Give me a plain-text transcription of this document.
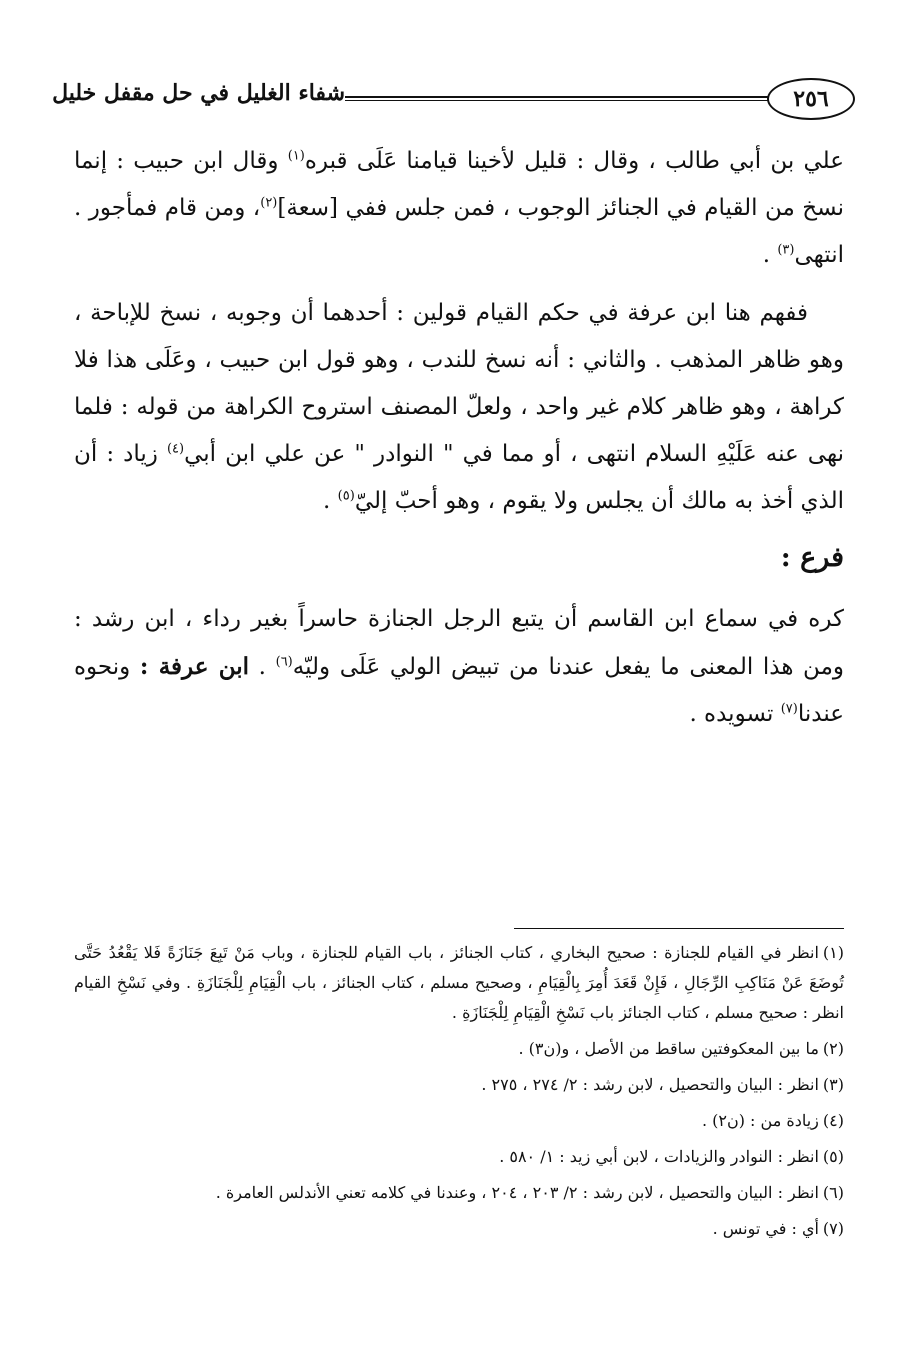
٢٥٦
شفاء الغليل في حل مقفل خليل

علي بن أبي طالب ، وقال : قليل لأخينا قيامنا عَلَى قبره$^{(١)}$ وقال ابن حبيب : إنما نسخ من القيام في الجنائز الوجوب ، فمن جلس ففي [سعة]$^{(٢)}$، ومن قام فمأجور . انتهى$^{(٣)}$ .

ففهم هنا ابن عرفة في حكم القيام قولين : أحدهما أن وجوبه ، نسخ للإباحة ، وهو ظاهر المذهب . والثاني : أنه نسخ للندب ، وهو قول ابن حبيب ، وعَلَى هذا فلا كراهة ، وهو ظاهر كلام غير واحد ، ولعلّ المصنف استروح الكراهة من قوله : فلما نهى عنه عَلَيْهِ السلام انتهى ، أو مما في " النوادر " عن علي ابن أبي$^{(٤)}$ زياد : أن الذي أخذ به مالك أن يجلس ولا يقوم ، وهو أحبّ إليّ$^{(٥)}$ .

فرع :

كره في سماع ابن القاسم أن يتبع الرجل الجنازة حاسراً بغير رداء ، ابن رشد : ومن هذا المعنى ما يفعل عندنا من تبيض الولي عَلَى وليّه$^{(٦)}$ . ابن عرفة : ونحوه عندنا$^{(٧)}$ تسويده .

(١)انظر في القيام للجنازة : صحيح البخاري ، كتاب الجنائز ، باب القيام للجنازة ، وباب مَنْ تَبِعَ جَنَازَةً فَلا يَقْعُدُ حَتَّى تُوضَعَ عَنْ مَنَاكِبِ الرِّجَالِ ، فَإِنْ قَعَدَ أُمِرَ بِالْقِيَامِ ، وصحيح مسلم ، كتاب الجنائز ، باب الْقِيَامِ لِلْجَنَازَةِ . وفي نَسْخِ القيام انظر : صحيح مسلم ، كتاب الجنائز باب نَسْخِ الْقِيَامِ لِلْجَنَازَةِ .
(٢)ما بين المعكوفتين ساقط من الأصل ، و(ن٣) .
(٣)انظر : البيان والتحصيل ، لابن رشد : ٢/ ٢٧٤ ، ٢٧٥ .
(٤)زيادة من : (ن٢) .
(٥)انظر : النوادر والزيادات ، لابن أبي زيد : ١/ ٥٨٠ .
(٦)انظر : البيان والتحصيل ، لابن رشد : ٢/ ٢٠٣ ، ٢٠٤ ، وعندنا في كلامه تعني الأندلس العامرة .
(٧)أي : في تونس .
